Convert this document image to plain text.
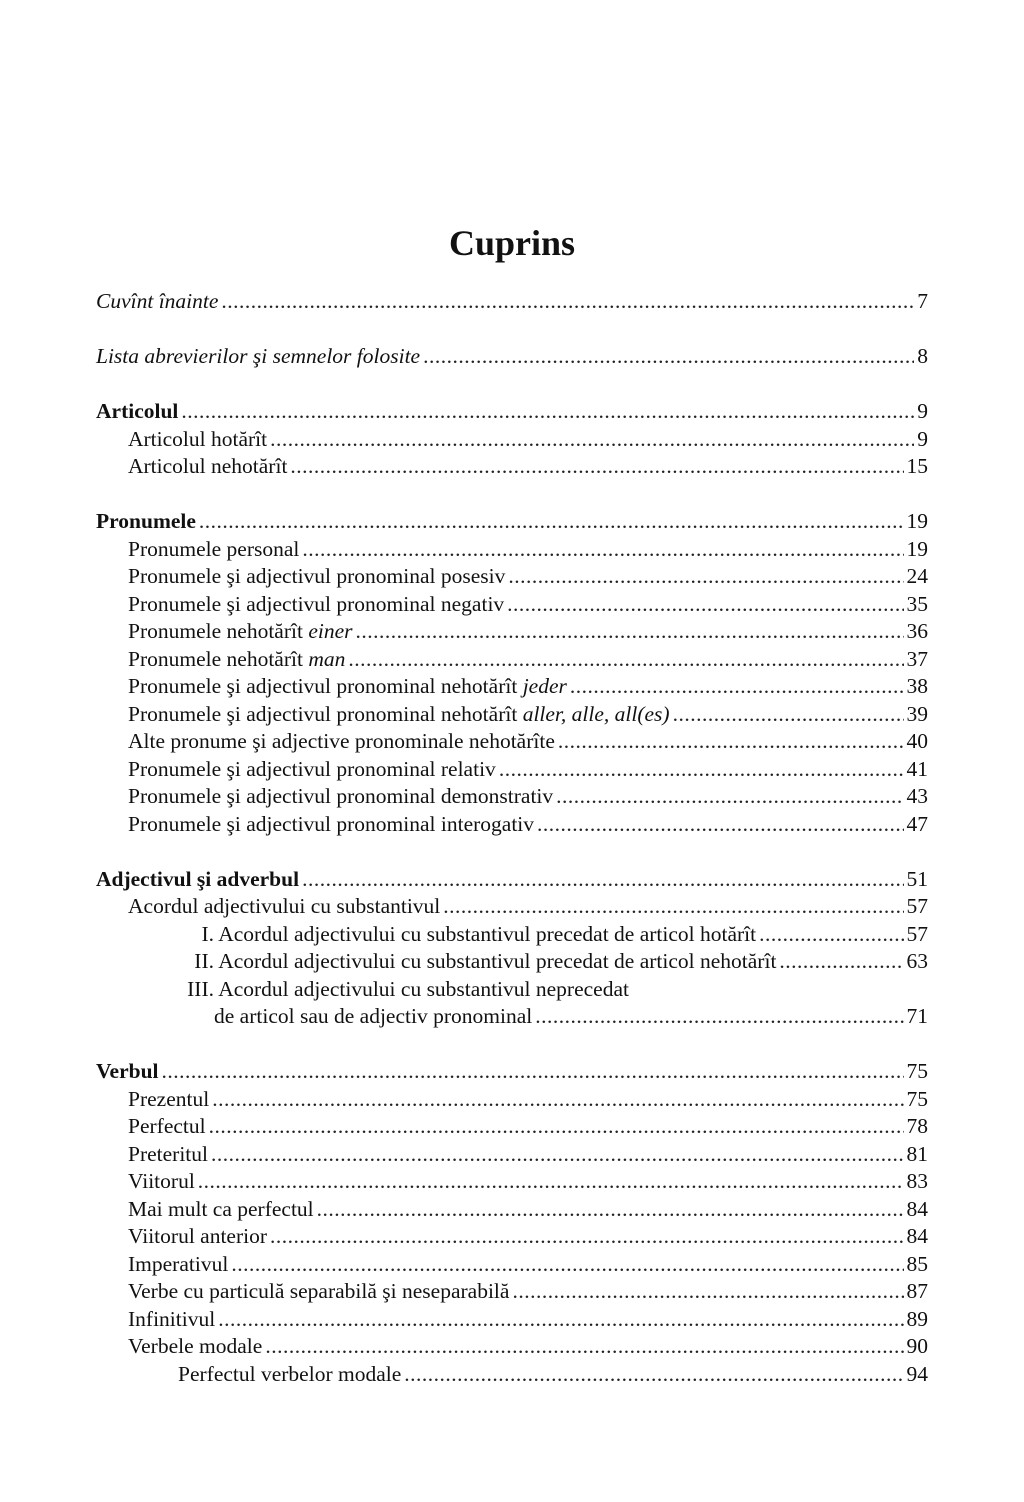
Cuprins
Cuvînt înainte .....	7
Lista abrevierilor şi semnelor folosite .....	8
Articolul .....	9
Articolul hotărît .....	9
Articolul nehotărît .....	15
Pronumele .....	19
Pronumele personal .....	19
Pronumele şi adjectivul pronominal posesiv .....	24
Pronumele şi adjectivul pronominal negativ .....	35
Pronumele nehotărît einer .....	36
Pronumele nehotărît man .....	37
Pronumele şi adjectivul pronominal nehotărît jeder .....	38
Pronumele şi adjectivul pronominal nehotărît aller, alle, all(es) .....	39
Alte pronume şi adjective pronominale nehotărîte .....	40
Pronumele şi adjectivul pronominal relativ .....	41
Pronumele şi adjectivul pronominal demonstrativ .....	43
Pronumele şi adjectivul pronominal interogativ .....	47
Adjectivul şi adverbul .....	51
Acordul adjectivului cu substantivul .....	57
I. Acordul adjectivului cu substantivul precedat de articol hotărît .....	57
II. Acordul adjectivului cu substantivul precedat de articol nehotărît .....	63
III. Acordul adjectivului cu substantivul neprecedat
de articol sau de adjectiv pronominal .....	71
Verbul .....	75
Prezentul .....	75
Perfectul .....	78
Preteritul .....	81
Viitorul .....	83
Mai mult ca perfectul .....	84
Viitorul anterior .....	84
Imperativul .....	85
Verbe cu particulă separabilă şi neseparabilă .....	87
Infinitivul .....	89
Verbele modale .....	90
Perfectul verbelor modale .....	94
